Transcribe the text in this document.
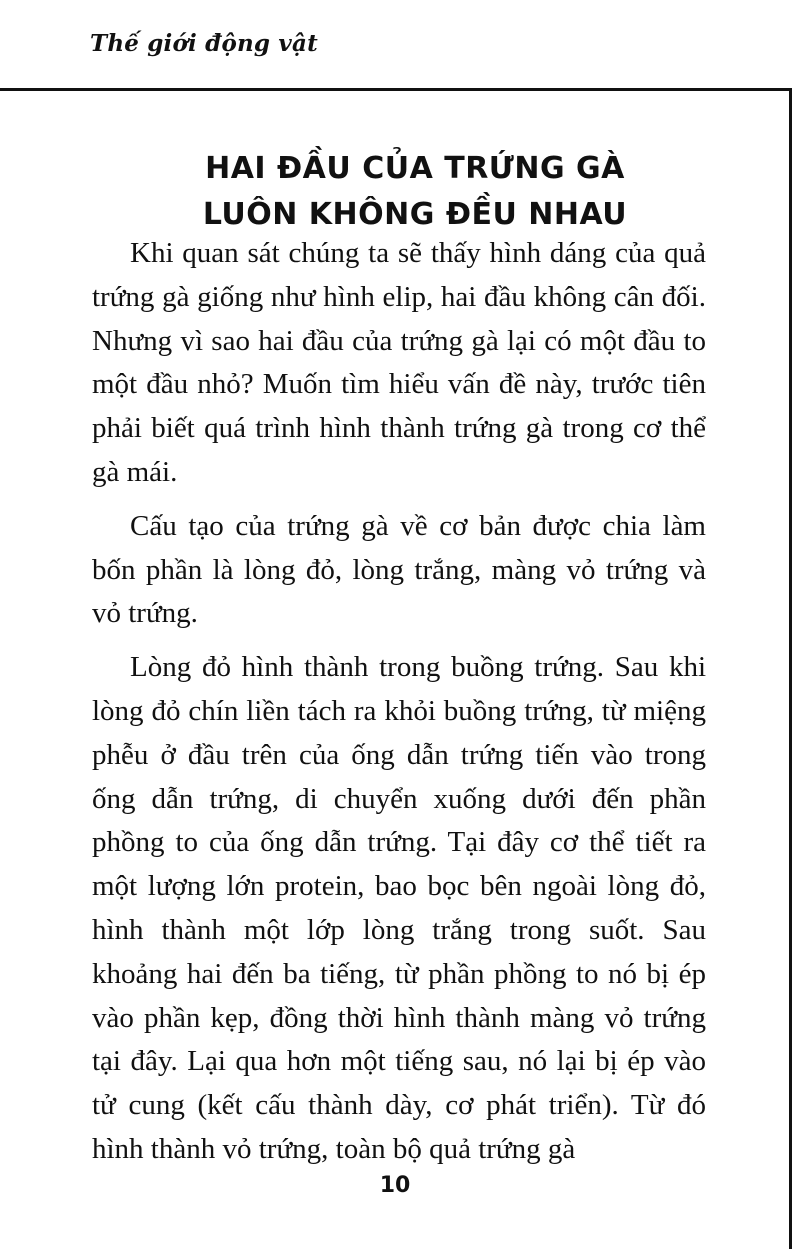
Thế giới động vật
HAI ĐẦU CỦA TRỨNG GÀ
LUÔN KHÔNG ĐỀU NHAU

Khi quan sát chúng ta sẽ thấy hình dáng của quả trứng gà giống như hình elip, hai đầu không cân đối. Nhưng vì sao hai đầu của trứng gà lại có một đầu to một đầu nhỏ? Muốn tìm hiểu vấn đề này, trước tiên phải biết quá trình hình thành trứng gà trong cơ thể gà mái.

Cấu tạo của trứng gà về cơ bản được chia làm bốn phần là lòng đỏ, lòng trắng, màng vỏ trứng và vỏ trứng.

Lòng đỏ hình thành trong buồng trứng. Sau khi lòng đỏ chín liền tách ra khỏi buồng trứng, từ miệng phễu ở đầu trên của ống dẫn trứng tiến vào trong ống dẫn trứng, di chuyển xuống dưới đến phần phồng to của ống dẫn trứng. Tại đây cơ thể tiết ra một lượng lớn protein, bao bọc bên ngoài lòng đỏ, hình thành một lớp lòng trắng trong suốt. Sau khoảng hai đến ba tiếng, từ phần phồng to nó bị ép vào phần kẹp, đồng thời hình thành màng vỏ trứng tại đây. Lại qua hơn một tiếng sau, nó lại bị ép vào tử cung (kết cấu thành dày, cơ phát triển). Từ đó hình thành vỏ trứng, toàn bộ quả trứng gà

10
